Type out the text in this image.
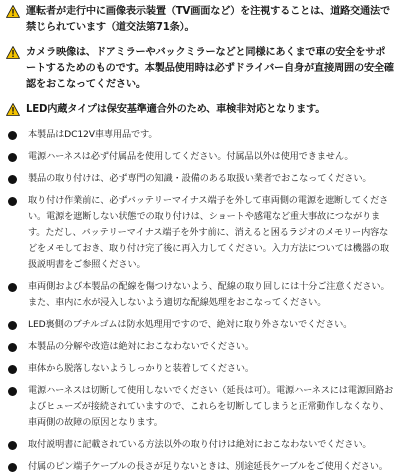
運転者が走行中に画像表示装置（TV画面など）を注視することは、道路交通法で禁じられています（道交法第71条）。
カメラ映像は、ドアミラーやバックミラーなどと同様にあくまで車の安全をサポートするためのものです。本製品使用時は必ずドライバー自身が直接周囲の安全確認をおこなってください。
LED内蔵タイプは保安基準適合外のため、車検非対応となります。
本製品はDC12V車専用品です。
電源ハーネスは必ず付属品を使用してください。付属品以外は使用できません。
製品の取り付けは、必ず専門の知識・設備のある取扱い業者でおこなってください。
取り付け作業前に、必ずバッテリーマイナス端子を外して車両側の電源を遮断してください。電源を遮断しない状態での取り付けは、ショートや感電など重大事故につながります。ただし、バッテリーマイナス端子を外す前に、消えると困るラジオのメモリー内容などをメモしておき、取り付け完了後に再入力してください。入力方法については機器の取扱説明書をご参照ください。
車両側および本製品の配線を傷つけないよう、配線の取り回しには十分ご注意ください。また、車内に水が浸入しないよう適切な配線処理をおこなってください。
LED裏側のブチルゴムは防水処理用ですので、絶対に取り外さないでください。
本製品の分解や改造は絶対におこなわないでください。
車体から脱落しないようしっかりと装着してください。
電源ハーネスは切断して使用しないでください（延長は可）。電源ハーネスには電源回路およびヒューズが接続されていますので、これらを切断してしまうと正常動作しなくなり、車両側の故障の原因となります。
取付説明書に記載されている方法以外の取り付けは絶対におこなわないでください。
付属のピン端子ケーブルの長さが足りないときは、別途延長ケーブルをご使用ください。
